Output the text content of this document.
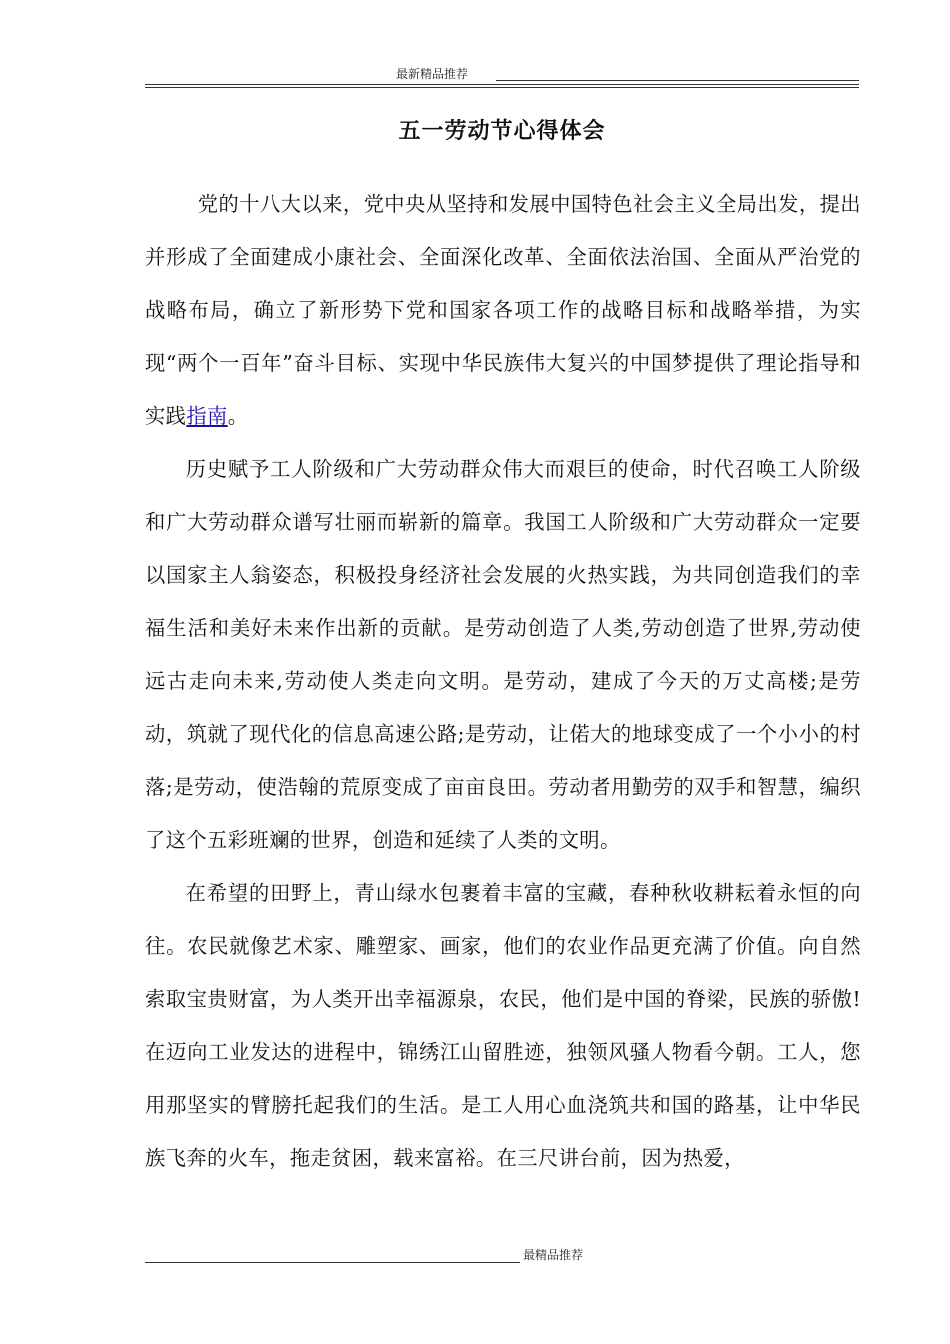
最新精品推荐
五一劳动节心得体会

党的十八大以来，党中央从坚持和发展中国特色社会主义全局出发，提出并形成了全面建成小康社会、全面深化改革、全面依法治国、全面从严治党的战略布局，确立了新形势下党和国家各项工作的战略目标和战略举措，为实现“两个一百年”奋斗目标、实现中华民族伟大复兴的中国梦提供了理论指导和实践指南。

历史赋予工人阶级和广大劳动群众伟大而艰巨的使命，时代召唤工人阶级和广大劳动群众谱写壮丽而崭新的篇章。我国工人阶级和广大劳动群众一定要以国家主人翁姿态，积极投身经济社会发展的火热实践，为共同创造我们的幸福生活和美好未来作出新的贡献。是劳动创造了人类,劳动创造了世界,劳动使远古走向未来,劳动使人类走向文明。是劳动，建成了今天的万丈高楼;是劳动，筑就了现代化的信息高速公路;是劳动，让偌大的地球变成了一个小小的村落;是劳动，使浩翰的荒原变成了亩亩良田。劳动者用勤劳的双手和智慧，编织了这个五彩班斓的世界，创造和延续了人类的文明。

在希望的田野上，青山绿水包裹着丰富的宝藏，春种秋收耕耘着永恒的向往。农民就像艺术家、雕塑家、画家，他们的农业作品更充满了价值。向自然索取宝贵财富，为人类开出幸福源泉，农民，他们是中国的脊梁，民族的骄傲!在迈向工业发达的进程中，锦绣江山留胜迹，独领风骚人物看今朝。工人，您用那坚实的臂膀托起我们的生活。是工人用心血浇筑共和国的路基，让中华民族飞奔的火车，拖走贫困，载来富裕。在三尺讲台前，因为热爱，

最精品推荐
